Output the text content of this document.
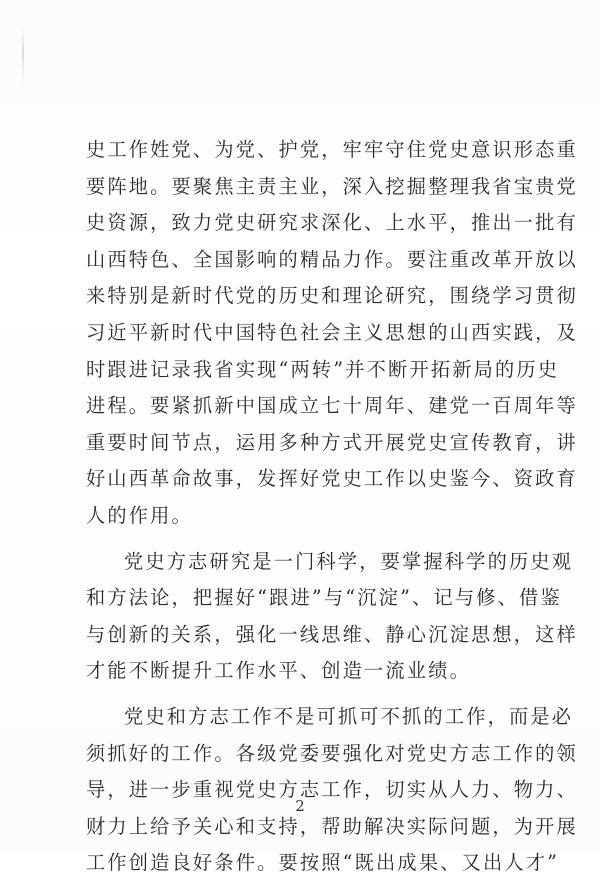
史工作姓党、为党、护党，牢牢守住党史意识形态重
要阵地。要聚焦主责主业，深入挖掘整理我省宝贵党
史资源，致力党史研究求深化、上水平，推出一批有
山西特色、全国影响的精品力作。要注重改革开放以
来特别是新时代党的历史和理论研究，围绕学习贯彻
习近平新时代中国特色社会主义思想的山西实践，及
时跟进记录我省实现“两转”并不断开拓新局的历史
进程。要紧抓新中国成立七十周年、建党一百周年等
重要时间节点，运用多种方式开展党史宣传教育，讲
好山西革命故事，发挥好党史工作以史鉴今、资政育
人的作用。
党史方志研究是一门科学，要掌握科学的历史观
和方法论，把握好“跟进”与“沉淀”、记与修、借鉴
与创新的关系，强化一线思维、静心沉淀思想，这样
才能不断提升工作水平、创造一流业绩。
党史和方志工作不是可抓可不抓的工作，而是必
须抓好的工作。各级党委要强化对党史方志工作的领
导，进一步重视党史方志工作，切实从人力、物力、
财力上给予关心和支持，帮助解决实际问题，为开展
工作创造良好条件。要按照“既出成果、又出人才”
2
